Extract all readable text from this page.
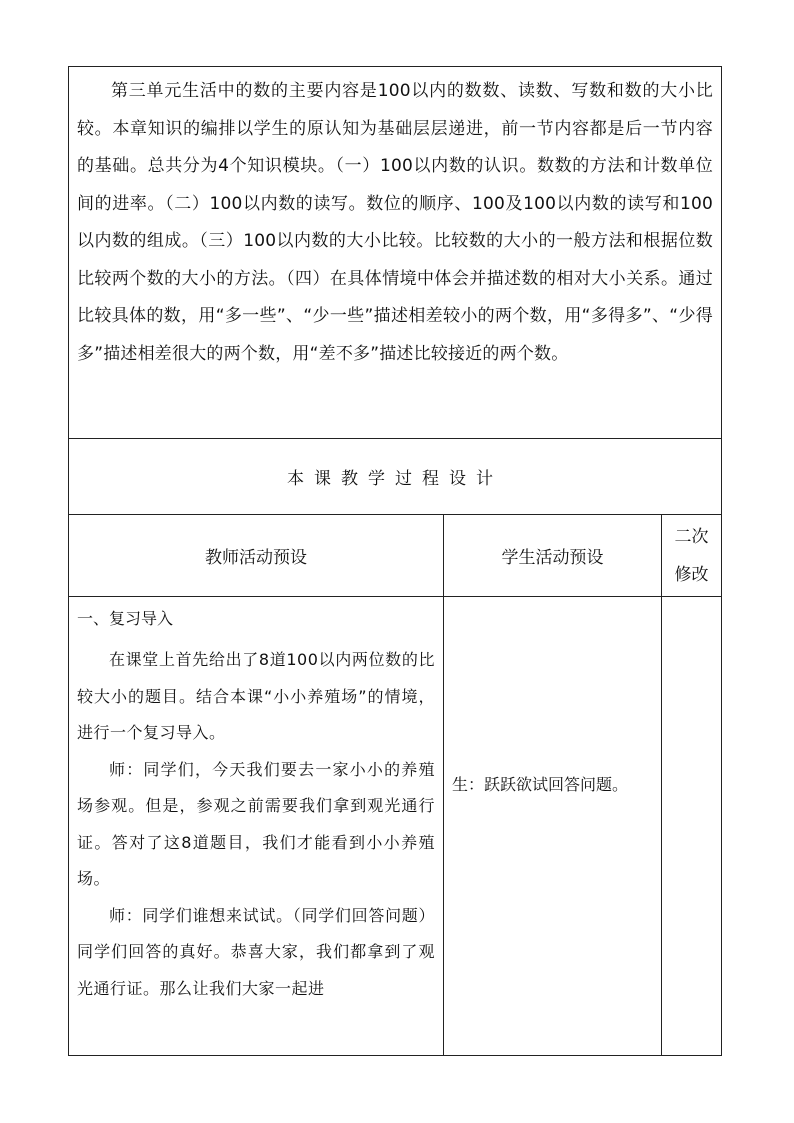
第三单元生活中的数的主要内容是100以内的数数、读数、写数和数的大小比较。本章知识的编排以学生的原认知为基础层层递进，前一节内容都是后一节内容的基础。总共分为4个知识模块。（一）100以内数的认识。数数的方法和计数单位间的进率。（二）100以内数的读写。数位的顺序、100及100以内数的读写和100以内数的组成。（三）100以内数的大小比较。比较数的大小的一般方法和根据位数比较两个数的大小的方法。（四）在具体情境中体会并描述数的相对大小关系。通过比较具体的数，用“多一些”、“少一些”描述相差较小的两个数，用“多得多”、“少得多”描述相差很大的两个数，用“差不多”描述比较接近的两个数。

本课教学过程设计
教师活动预设	学生活动预设
二次
修改

一、复习导入

在课堂上首先给出了8道100以内两位数的比较大小的题目。结合本课“小小养殖场”的情境，进行一个复习导入。

师：同学们，今天我们要去一家小小的养殖场参观。但是，参观之前需要我们拿到观光通行证。答对了这8道题目，我们才能看到小小养殖场。

师：同学们谁想来试试。（同学们回答问题）同学们回答的真好。恭喜大家，我们都拿到了观光通行证。那么让我们大家一起进

生：跃跃欲试回答问题。
